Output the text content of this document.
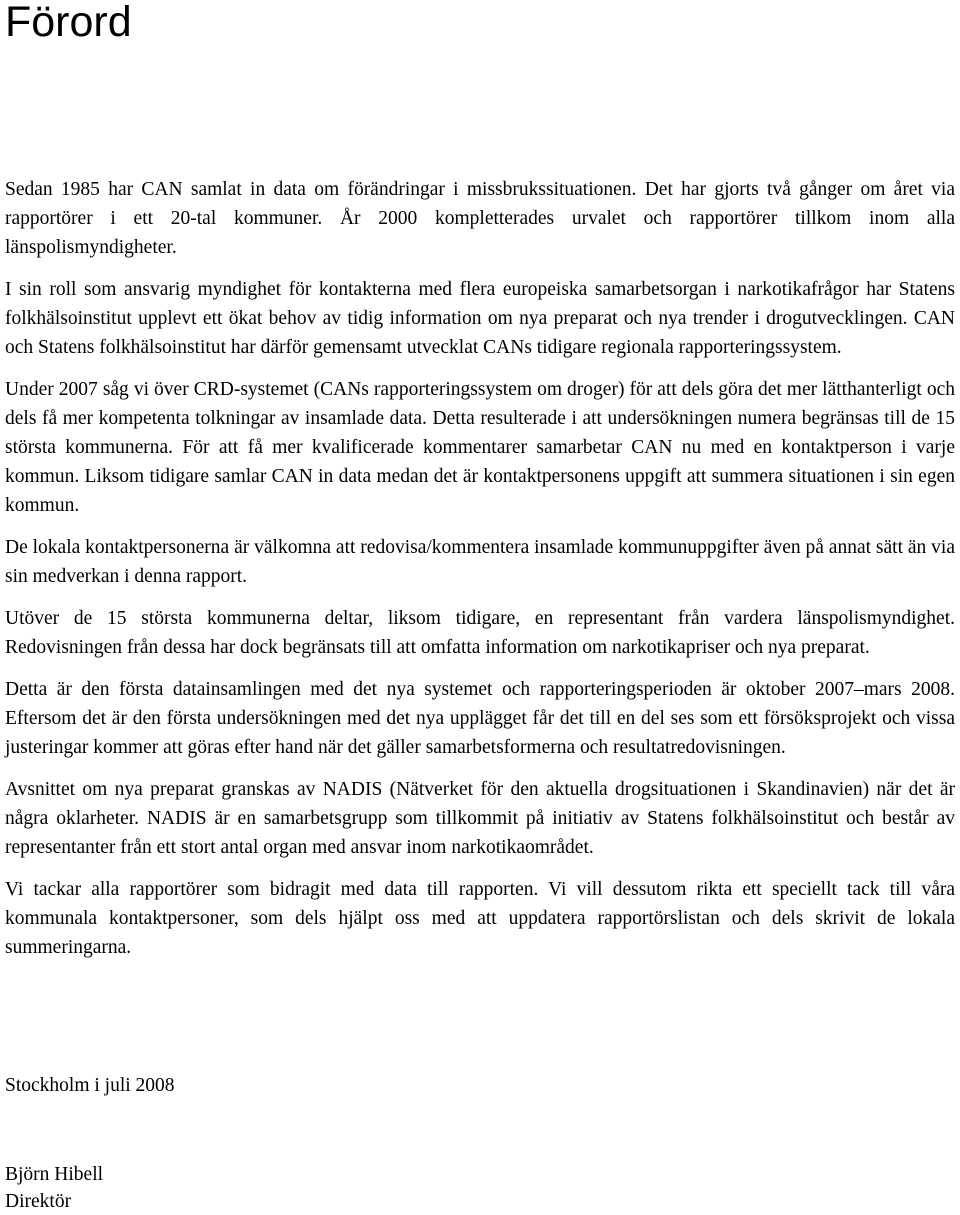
Förord

Sedan 1985 har CAN samlat in data om förändringar i missbrukssituationen. Det har gjorts två gånger om året via rapportörer i ett 20-tal kommuner. År 2000 kompletterades urvalet och rapportörer tillkom inom alla länspolismyndigheter.

I sin roll som ansvarig myndighet för kontakterna med flera europeiska samarbetsorgan i narkotikafrågor har Statens folkhälsoinstitut upplevt ett ökat behov av tidig information om nya preparat och nya trender i drogutvecklingen. CAN och Statens folkhälsoinstitut har därför gemensamt utvecklat CANs tidigare regionala rapporteringssystem.

Under 2007 såg vi över CRD-systemet (CANs rapporteringssystem om droger) för att dels göra det mer lätthanterligt och dels få mer kompetenta tolkningar av insamlade data. Detta resulterade i att undersökningen numera begränsas till de 15 största kommunerna. För att få mer kvalificerade kommentarer samarbetar CAN nu med en kontaktperson i varje kommun. Liksom tidigare samlar CAN in data medan det är kontaktpersonens uppgift att summera situationen i sin egen kommun.

De lokala kontaktpersonerna är välkomna att redovisa/kommentera insamlade kommunuppgifter även på annat sätt än via sin medverkan i denna rapport.

Utöver de 15 största kommunerna deltar, liksom tidigare, en representant från vardera länspolismyndighet. Redovisningen från dessa har dock begränsats till att omfatta information om narkotikapriser och nya preparat.

Detta är den första datainsamlingen med det nya systemet och rapporteringsperioden är oktober 2007–mars 2008. Eftersom det är den första undersökningen med det nya upplägget får det till en del ses som ett försöksprojekt och vissa justeringar kommer att göras efter hand när det gäller samarbetsformerna och resultatredovisningen.

Avsnittet om nya preparat granskas av NADIS (Nätverket för den aktuella drogsituationen i Skandinavien) när det är några oklarheter. NADIS är en samarbetsgrupp som tillkommit på initiativ av Statens folkhälsoinstitut och består av representanter från ett stort antal organ med ansvar inom narkotikaområdet.

Vi tackar alla rapportörer som bidragit med data till rapporten. Vi vill dessutom rikta ett speciellt tack till våra kommunala kontaktpersoner, som dels hjälpt oss med att uppdatera rapportörslistan och dels skrivit de lokala summeringarna.

Stockholm i juli 2008

Björn Hibell
Direktör
